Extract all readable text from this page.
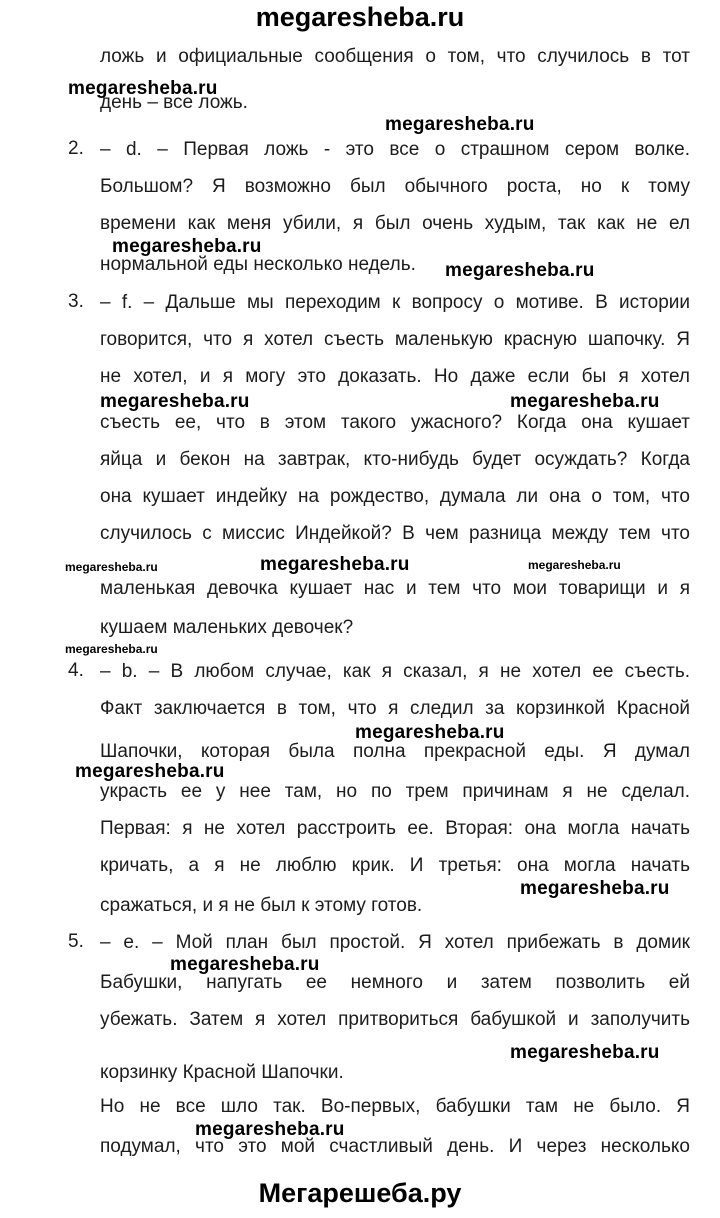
megaresheba.ru
ложь и официальные сообщения о том, что случилось в тот
megaresheba.ru
день – все ложь.
megaresheba.ru
2. – d. – Первая ложь - это все о страшном сером волке.
Большом? Я возможно был обычного роста, но к тому
времени как меня убили, я был очень худым, так как не ел
megaresheba.ru
нормальной еды несколько недель.	megaresheba.ru
3. – f. – Дальше мы переходим к вопросу о мотиве. В истории
говорится, что я хотел съесть маленькую красную шапочку. Я
не хотел, и я могу это доказать. Но даже если бы я хотел
megaresheba.ru	megaresheba.ru
съесть ее, что в этом такого ужасного? Когда она кушает
яйца и бекон на завтрак, кто-нибудь будет осуждать? Когда
она кушает индейку на рождество, думала ли она о том, что
случилось с миссис Индейкой? В чем разница между тем что
megaresheba.ru	megaresheba.ru	megaresheba.ru
маленькая девочка кушает нас и тем что мои товарищи и я
кушаем маленьких девочек?
megaresheba.ru
4. – b. – В любом случае, как я сказал, я не хотел ее съесть.
Факт заключается в том, что я следил за корзинкой Красной
megaresheba.ru
Шапочки, которая была полна прекрасной еды. Я думал
megaresheba.ru
украсть ее у нее там, но по трем причинам я не сделал.
Первая: я не хотел расстроить ее. Вторая: она могла начать
кричать, а я не люблю крик. И третья: она могла начать
megaresheba.ru
сражаться, и я не был к этому готов.
5. – e. – Мой план был простой. Я хотел прибежать в домик
megaresheba.ru
Бабушки, напугать ее немного и затем позволить ей
убежать. Затем я хотел притвориться бабушкой и заполучить
megaresheba.ru
корзинку Красной Шапочки.
Но не все шло так. Во-первых, бабушки там не было. Я
megaresheba.ru
подумал, что это мой счастливый день. И через несколько
Мегарешеба.ру
